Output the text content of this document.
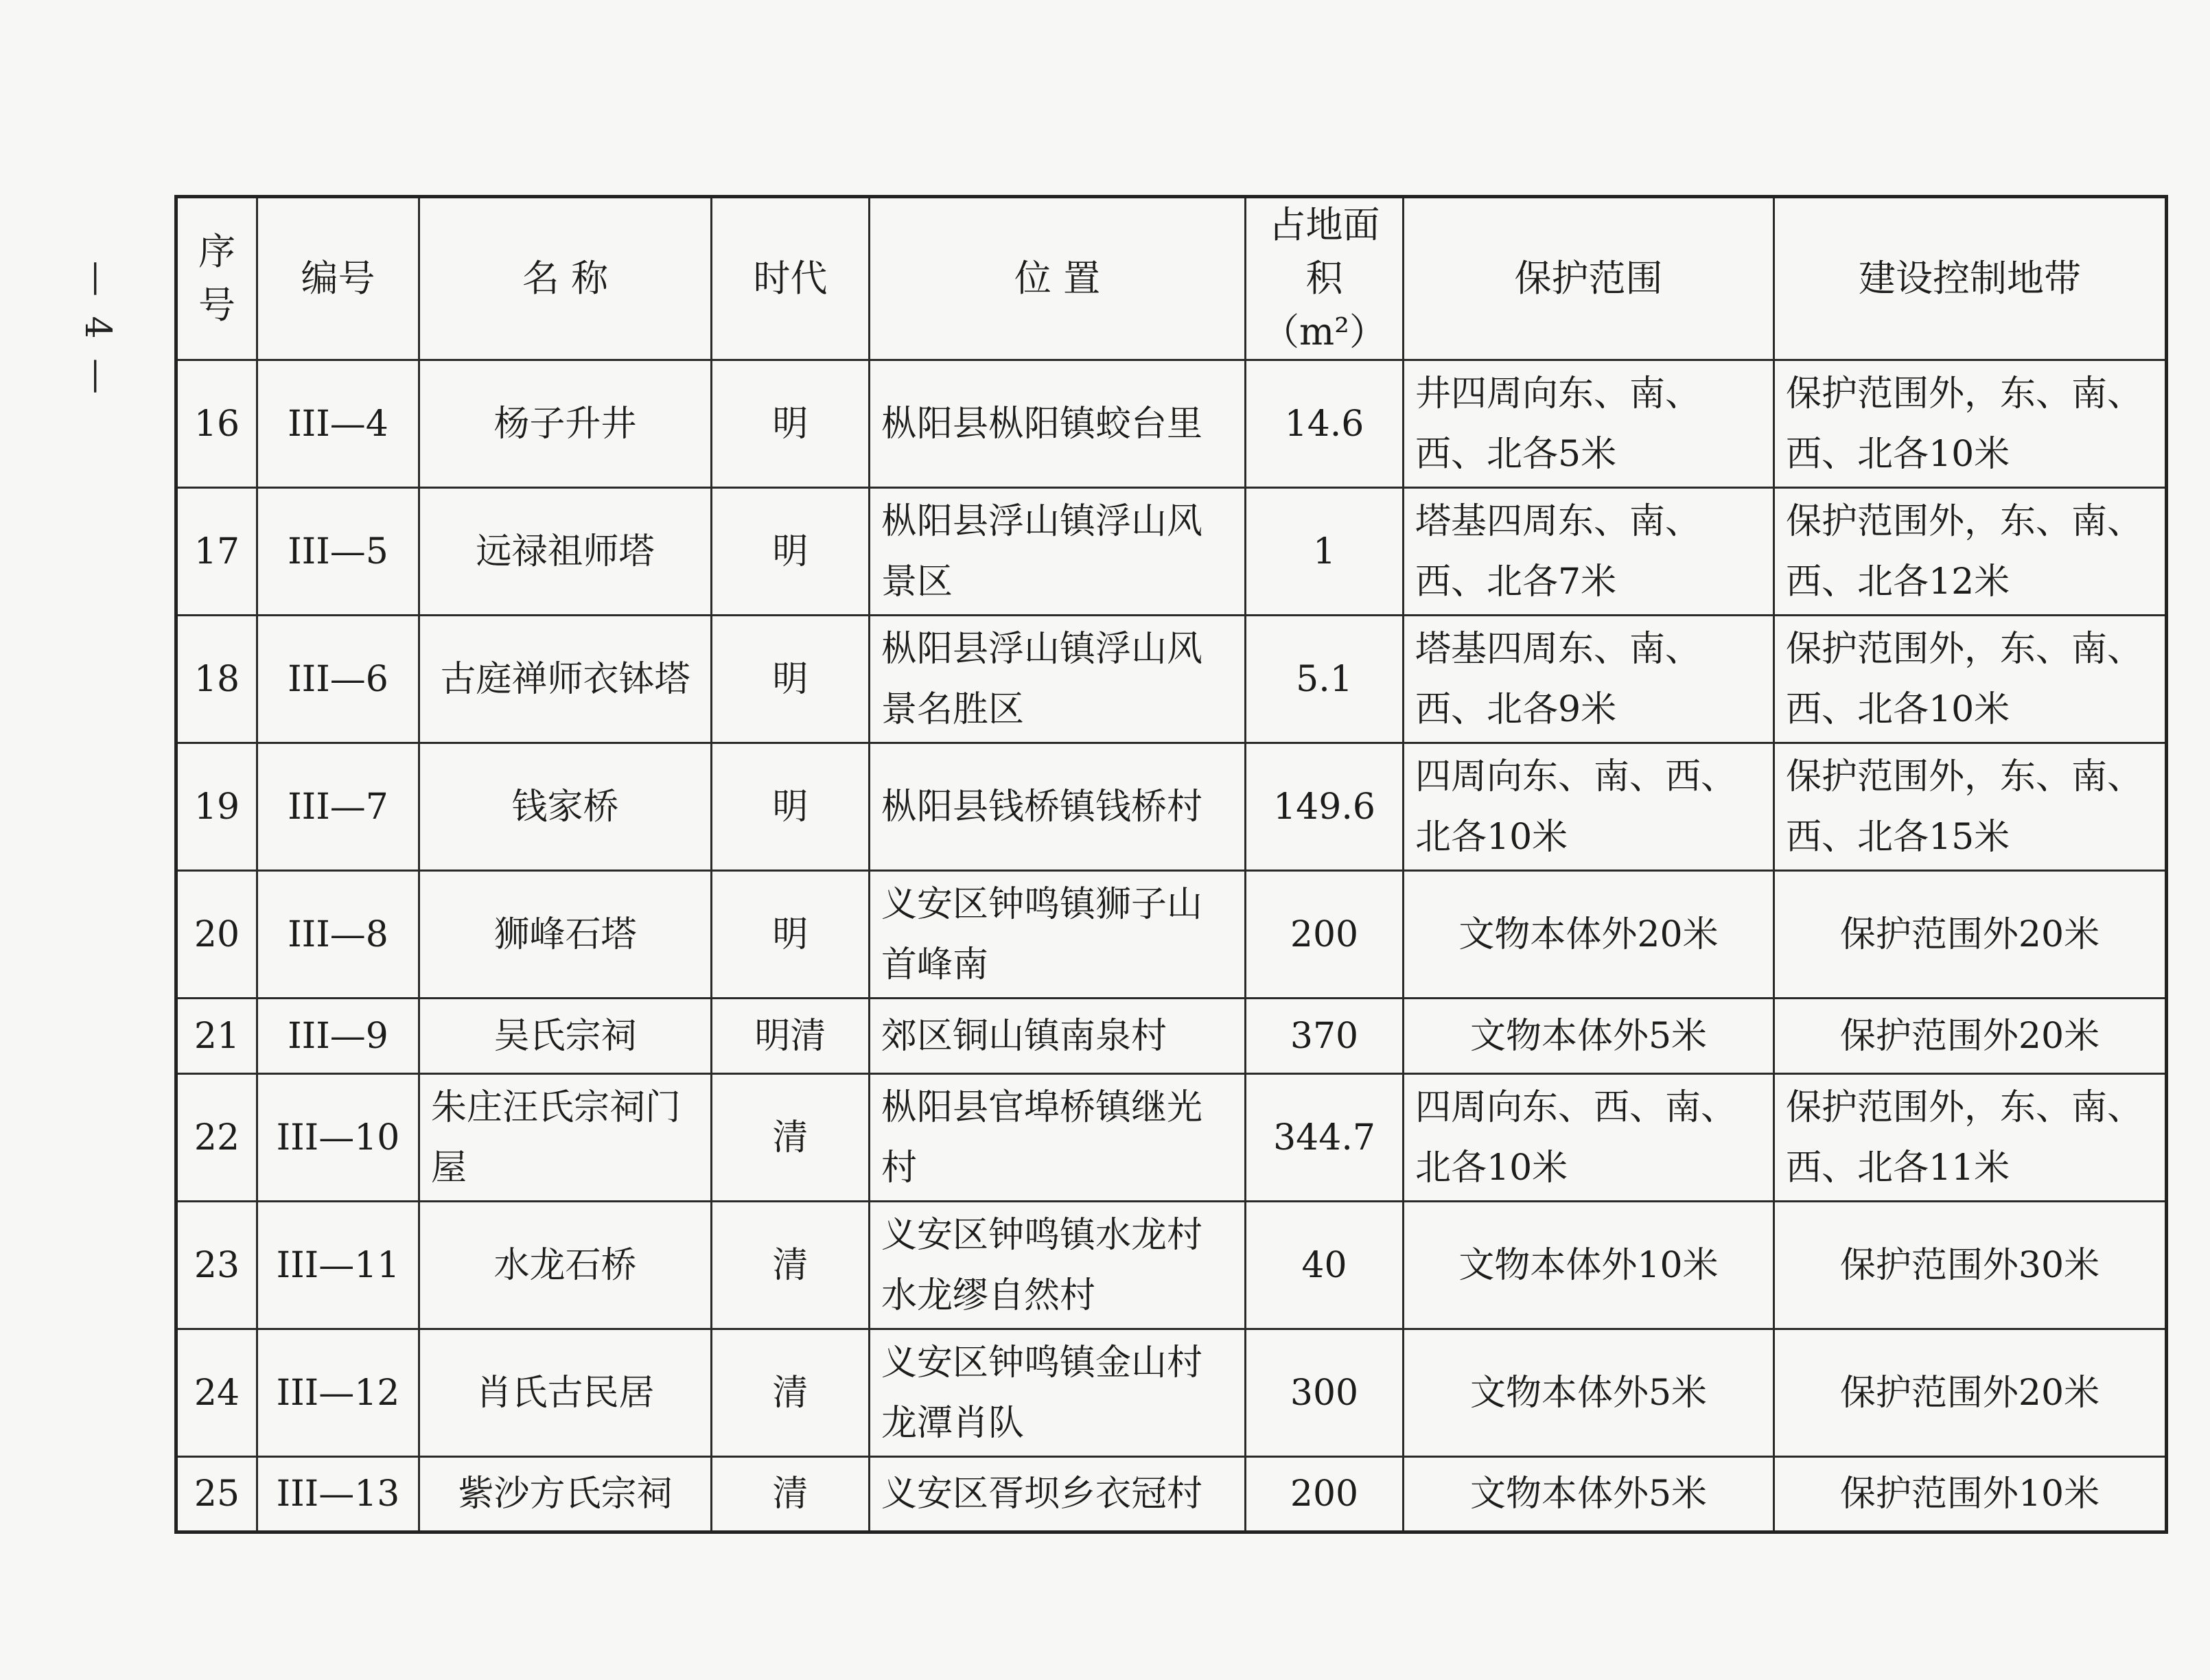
— 4 —
序号	编号	名 称	时代	位 置	占地面积（m²）	保护范围	建设控制地带
16	III—4	杨子升井	明	枞阳县枞阳镇蛟台里	14.6	井四周向东、南、西、北各5米	保护范围外，东、南、西、北各10米
17	III—5	远禄祖师塔	明	枞阳县浮山镇浮山风景区	1	塔基四周东、南、西、北各7米	保护范围外，东、南、西、北各12米
18	III—6	古庭禅师衣钵塔	明	枞阳县浮山镇浮山风景名胜区	5.1	塔基四周东、南、西、北各9米	保护范围外，东、南、西、北各10米
19	III—7	钱家桥	明	枞阳县钱桥镇钱桥村	149.6	四周向东、南、西、北各10米	保护范围外，东、南、西、北各15米
20	III—8	狮峰石塔	明	义安区钟鸣镇狮子山首峰南	200	文物本体外20米	保护范围外20米
21	III—9	吴氏宗祠	明清	郊区铜山镇南泉村	370	文物本体外5米	保护范围外20米
22	III—10	朱庄汪氏宗祠门屋	清	枞阳县官埠桥镇继光村	344.7	四周向东、西、南、北各10米	保护范围外，东、南、西、北各11米
23	III—11	水龙石桥	清	义安区钟鸣镇水龙村水龙缪自然村	40	文物本体外10米	保护范围外30米
24	III—12	肖氏古民居	清	义安区钟鸣镇金山村龙潭肖队	300	文物本体外5米	保护范围外20米
25	III—13	紫沙方氏宗祠	清	义安区胥坝乡衣冠村	200	文物本体外5米	保护范围外10米
